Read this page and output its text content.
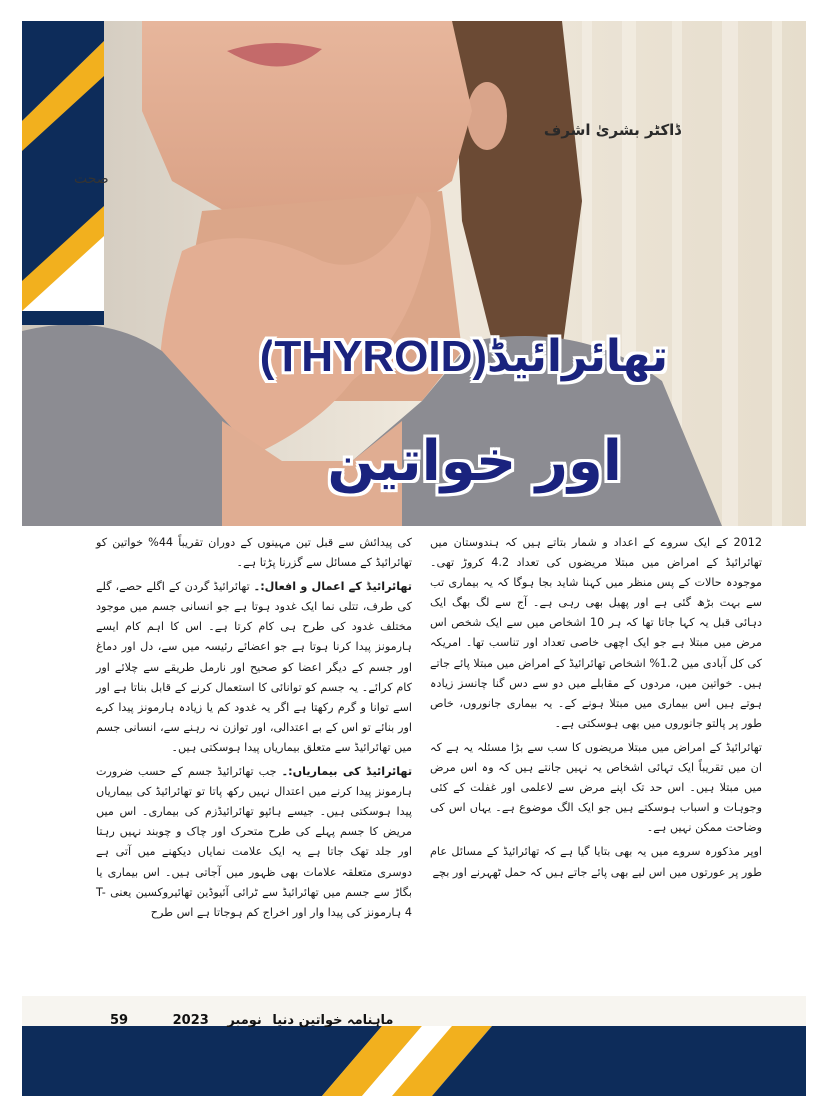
صحت
ڈاکٹر بشریٰ اشرف
تھائرائیڈ(THYROID)
اور خواتین

2012 کے ایک سروے کے اعداد و شمار بتاتے ہیں کہ ہندوستان میں تھائرائیڈ کے امراض میں مبتلا مریضوں کی تعداد 4.2 کروڑ تھی۔ موجودہ حالات کے پس منظر میں کہنا شاید بجا ہوگا کہ یہ بیماری تب سے بہت بڑھ گئی ہے اور پھیل بھی رہی ہے۔ آج سے لگ بھگ ایک دہائی قبل یہ کہا جاتا تھا کہ ہر 10 اشخاص میں سے ایک شخص اس مرض میں مبتلا ہے جو ایک اچھی خاصی تعداد اور تناسب تھا۔ امریکہ کی کل آبادی میں 1.2% اشخاص تھائرائیڈ کے امراض میں مبتلا پائے جاتے ہیں۔ خواتین میں، مردوں کے مقابلے میں دو سے دس گنا چانسز زیادہ ہوتے ہیں اس بیماری میں مبتلا ہونے کے۔ یہ بیماری جانوروں، خاص طور پر پالتو جانوروں میں بھی ہوسکتی ہے۔

تھائرائیڈ کے امراض میں مبتلا مریضوں کا سب سے بڑا مسئلہ یہ ہے کہ ان میں تقریباً ایک تہائی اشخاص یہ نہیں جانتے ہیں کہ وہ اس مرض میں مبتلا ہیں۔ اس حد تک اپنے مرض سے لاعلمی اور غفلت کے کئی وجوہات و اسباب ہوسکتے ہیں جو ایک الگ موضوع ہے۔ یہاں اس کی وضاحت ممکن نہیں ہے۔

اوپر مذکورہ سروے میں یہ بھی بتایا گیا ہے کہ تھائرائیڈ کے مسائل عام طور پر عورتوں میں اس لیے بھی پائے جاتے ہیں کہ حمل ٹھہرنے اور بچے

کی پیدائش سے قبل تین مہینوں کے دوران تقریباً 44% خواتین کو تھائرائیڈ کے مسائل سے گزرنا پڑتا ہے۔

تھائرائیڈ کے اعمال و افعال:۔ تھائرائیڈ گردن کے اگلے حصے، گلے کی طرف، تتلی نما ایک غدود ہوتا ہے جو انسانی جسم میں موجود مختلف غدود کی طرح ہی کام کرتا ہے۔ اس کا اہم کام ایسے ہارمونز پیدا کرنا ہوتا ہے جو اعضائے رئیسہ میں سے، دل اور دماغ اور جسم کے دیگر اعضا کو صحیح اور نارمل طریقے سے چلائے اور کام کرائے۔ یہ جسم کو توانائی کا استعمال کرنے کے قابل بناتا ہے اور اسے توانا و گرم رکھتا ہے اگر یہ غدود کم یا زیادہ ہارمونز پیدا کرے اور بنائے تو اس کے بے اعتدالی، اور توازن نہ رہنے سے، انسانی جسم میں تھائرائیڈ سے متعلق بیماریاں پیدا ہوسکتی ہیں۔

تھائرائیڈ کی بیماریاں:۔ جب تھائرائیڈ جسم کے حسب ضرورت ہارمونز پیدا کرنے میں اعتدال نہیں رکھ پاتا تو تھائرائیڈ کی بیماریاں پیدا ہوسکتی ہیں۔ جیسے ہائپو تھائرائیڈزم کی بیماری۔ اس میں مریض کا جسم پہلے کی طرح متحرک اور چاک و چوبند نہیں رہتا اور جلد تھک جاتا ہے یہ ایک علامت نمایاں دیکھنے میں آتی ہے دوسری متعلقہ علامات بھی ظہور میں آجاتی ہیں۔ اس بیماری یا بگاڑ سے جسم میں تھائرائیڈ سے ٹرائی آئیوڈین تھائیروکسین یعنی T-4 ہارمونز کی پیدا وار اور اخراج کم ہوجاتا ہے اس طرح

ماہنامہ خواتین دنیا نومبر 2023 59
